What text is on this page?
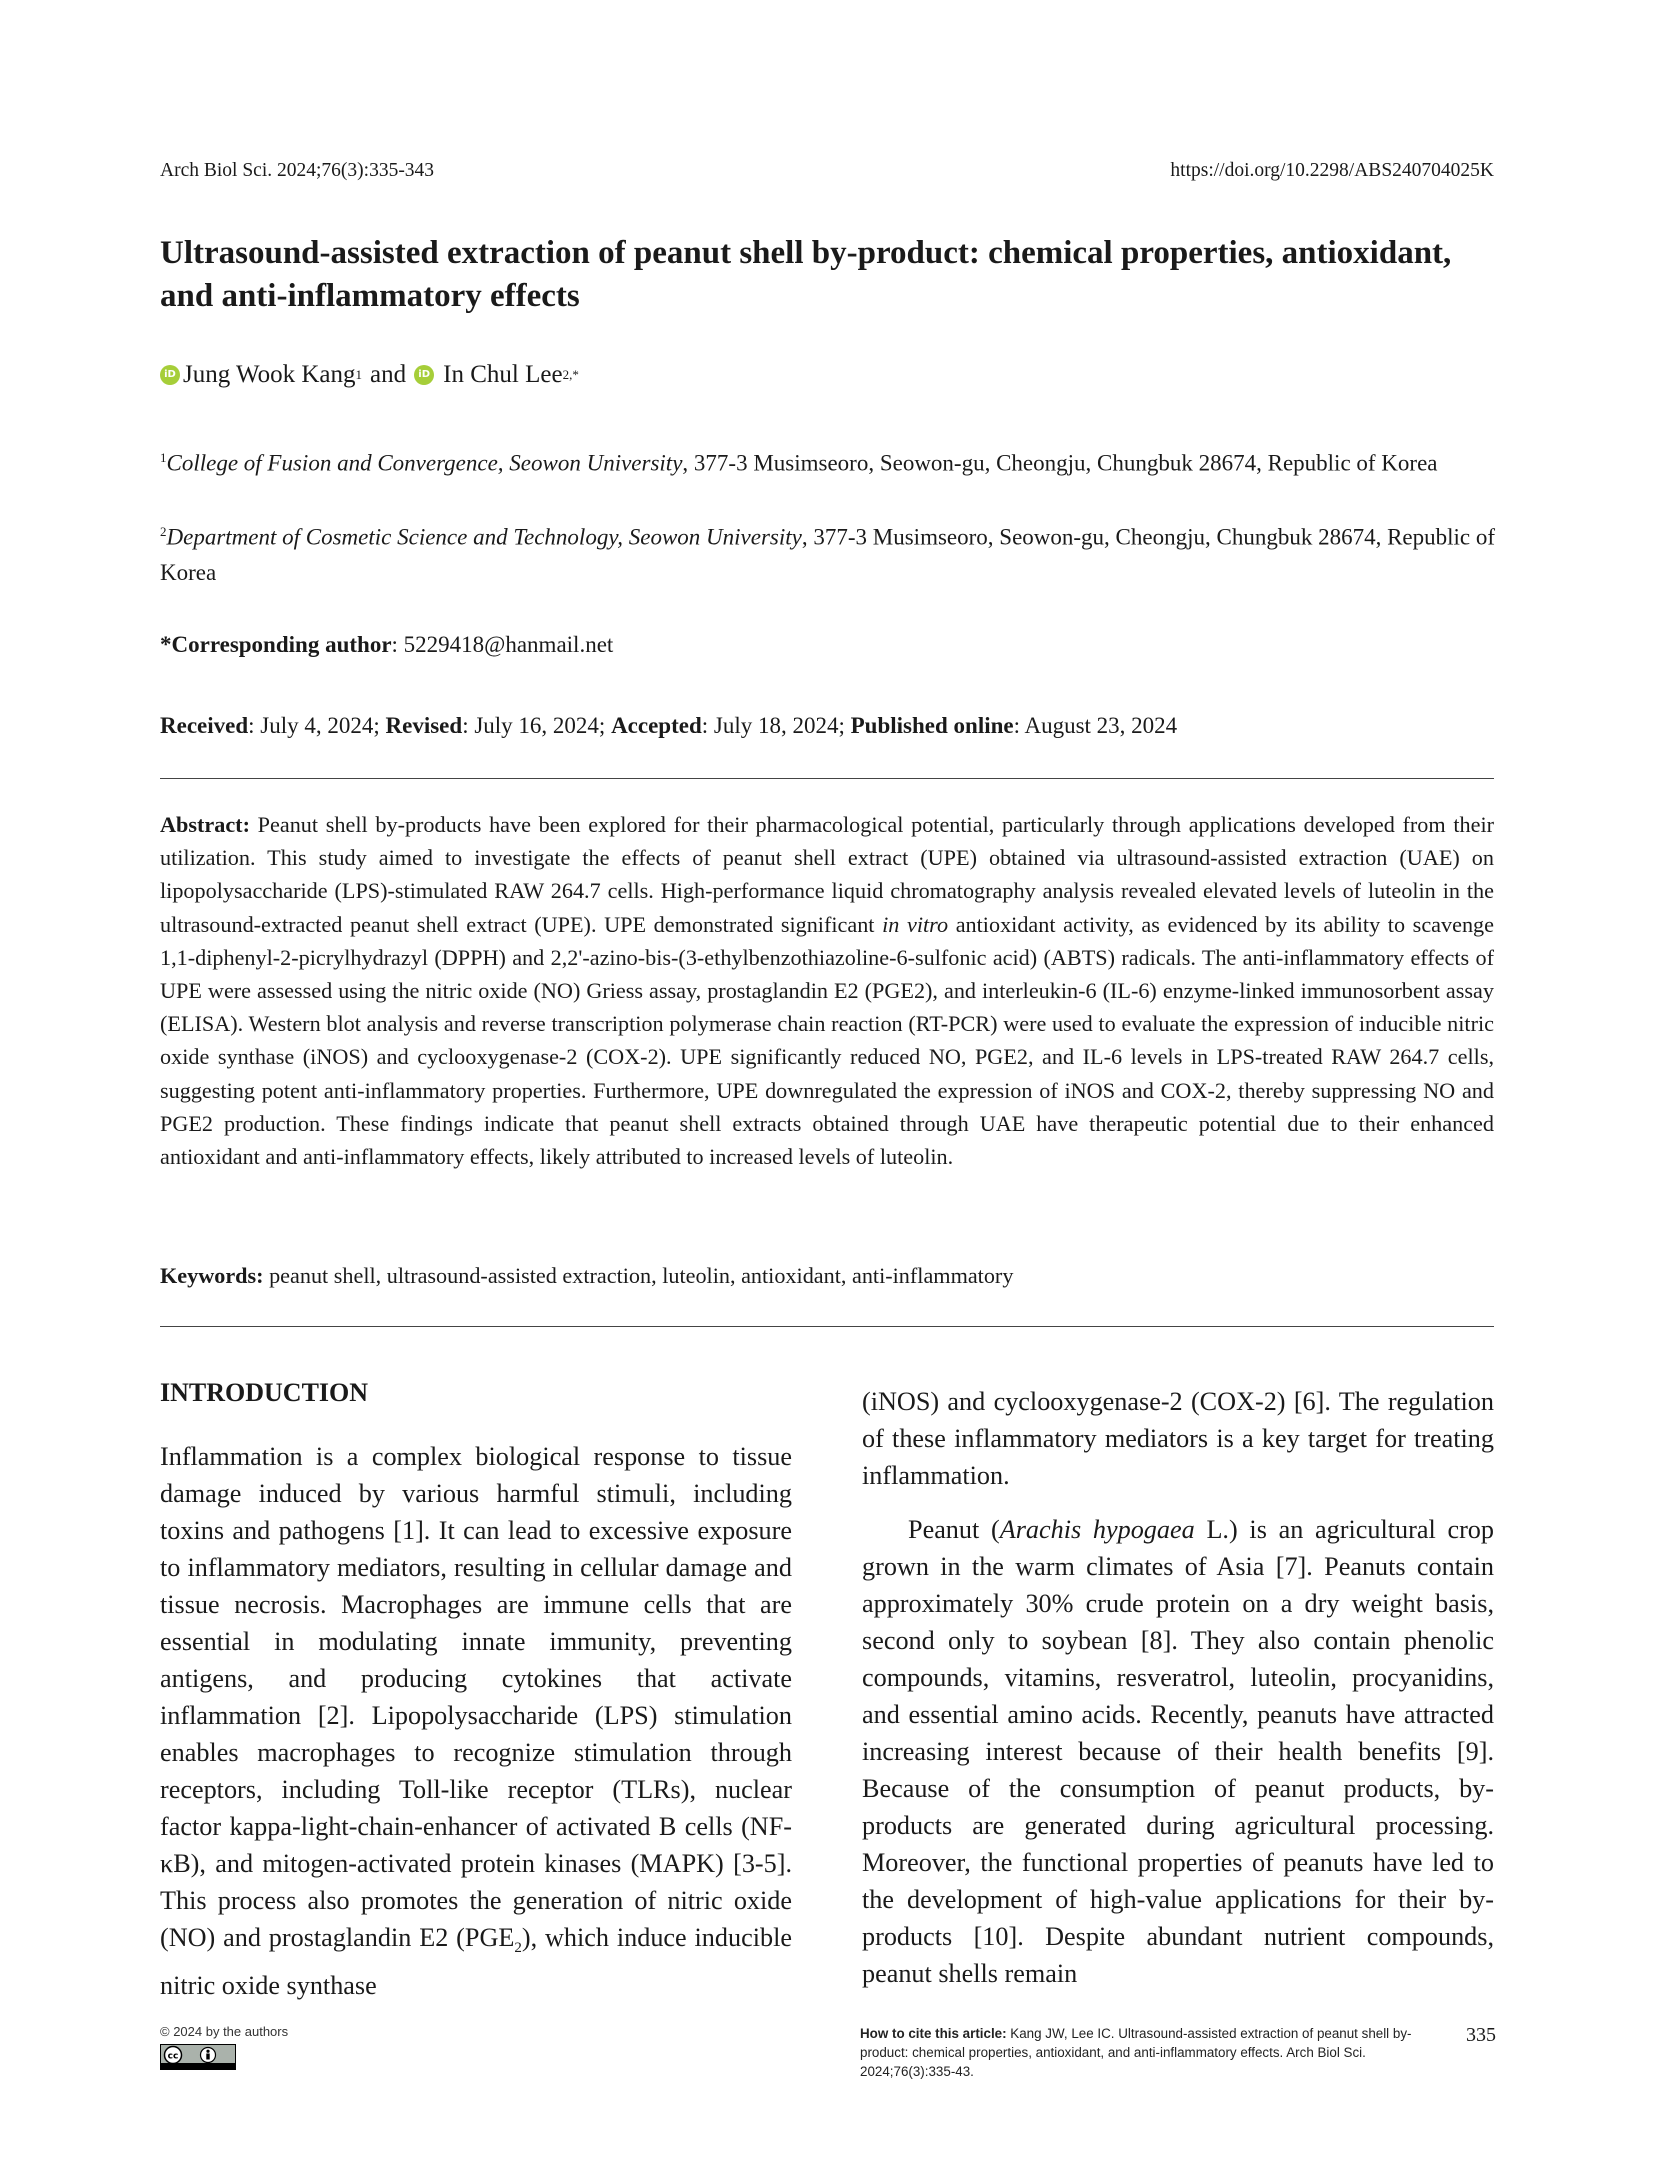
Arch Biol Sci. 2024;76(3):335-343	https://doi.org/10.2298/ABS240704025K
Ultrasound-assisted extraction of peanut shell by-product: chemical properties, antioxidant, and anti-inflammatory effects
iD Jung Wook Kang 1 and	iD In Chul Lee 2,*
$^1$College of Fusion and Convergence, Seowon University, 377-3 Musimseoro, Seowon-gu, Cheongju, Chungbuk 28674, Republic of Korea
$^2$Department of Cosmetic Science and Technology, Seowon University, 377-3 Musimseoro, Seowon-gu, Cheongju, Chungbuk 28674, Republic of Korea
*Corresponding author: 5229418@hanmail.net
Received: July 4, 2024; Revised: July 16, 2024; Accepted: July 18, 2024; Published online: August 23, 2024
Abstract: Peanut shell by-products have been explored for their pharmacological potential, particularly through applications developed from their utilization. This study aimed to investigate the effects of peanut shell extract (UPE) obtained via ultrasound-assisted extraction (UAE) on lipopolysaccharide (LPS)-stimulated RAW 264.7 cells. High-performance liquid chromatography analysis revealed elevated levels of luteolin in the ultrasound-extracted peanut shell extract (UPE). UPE demonstrated significant in vitro antioxidant activity, as evidenced by its ability to scavenge 1,1-diphenyl-2-picrylhydrazyl (DPPH) and 2,2'-azino-bis-(3-ethylbenzothiazoline-6-sulfonic acid) (ABTS) radicals. The anti-inflammatory effects of UPE were assessed using the nitric oxide (NO) Griess assay, prostaglandin E2 (PGE2), and interleukin-6 (IL-6) enzyme-linked immunosorbent assay (ELISA). Western blot analysis and reverse transcription polymerase chain reaction (RT-PCR) were used to evaluate the expression of inducible nitric oxide synthase (iNOS) and cyclooxygenase-2 (COX-2). UPE significantly reduced NO, PGE2, and IL-6 levels in LPS-treated RAW 264.7 cells, suggesting potent anti-inflammatory properties. Furthermore, UPE downregulated the expression of iNOS and COX-2, thereby suppressing NO and PGE2 production. These findings indicate that peanut shell extracts obtained through UAE have therapeutic potential due to their enhanced antioxidant and anti-inflammatory effects, likely attributed to increased levels of luteolin.
Keywords: peanut shell, ultrasound-assisted extraction, luteolin, antioxidant, anti-inflammatory
INTRODUCTION

Inflammation is a complex biological response to tissue damage induced by various harmful stimuli, including toxins and pathogens [1]. It can lead to excessive exposure to inflammatory mediators, resulting in cellular damage and tissue necrosis. Macrophages are immune cells that are essential in modulating innate immunity, preventing antigens, and producing cytokines that activate inflammation [2]. Lipopolysaccharide (LPS) stimulation enables macrophages to recognize stimulation through receptors, including Toll-like receptor (TLRs), nuclear factor kappa-light-chain-enhancer of activated B cells (NF-κB), and mitogen-activated protein kinases (MAPK) [3-5]. This process also promotes the generation of nitric oxide (NO) and prostaglandin E2 $(PGE_2)$, which induce inducible nitric oxide synthase

(iNOS) and cyclooxygenase-2 (COX-2) [6]. The regulation of these inflammatory mediators is a key target for treating inflammation.

Peanut (Arachis hypogaea L.) is an agricultural crop grown in the warm climates of Asia [7]. Peanuts contain approximately 30% crude protein on a dry weight basis, second only to soybean [8]. They also contain phenolic compounds, vitamins, resveratrol, luteolin, procyanidins, and essential amino acids. Recently, peanuts have attracted increasing interest because of their health benefits [9]. Because of the consumption of peanut products, by-products are generated during agricultural processing. Moreover, the functional properties of peanuts have led to the development of high-value applications for their by-products [10]. Despite abundant nutrient compounds, peanut shells remain

© 2024 by the authors
cc
How to cite this article: Kang JW, Lee IC. Ultrasound-assisted extraction of peanut shell by-product: chemical properties, antioxidant, and anti-inflammatory effects. Arch Biol Sci. 2024;76(3):335-43.
335
